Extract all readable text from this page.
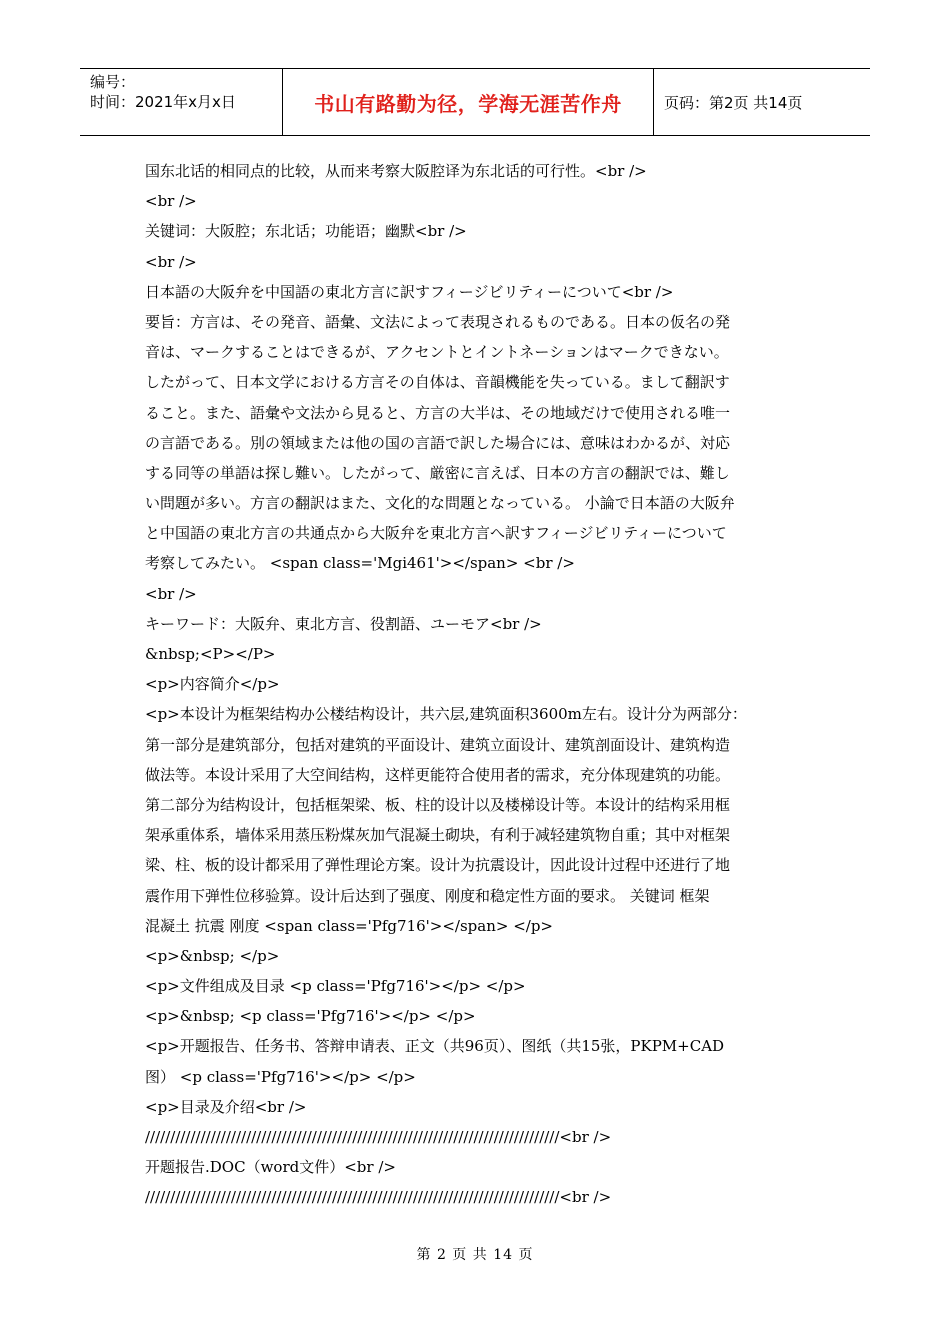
编号：
时间：2021年x月x日	书山有路勤为径，学海无涯苦作舟	页码：第2页 共14页
国东北话的相同点的比较，从而来考察大阪腔译为东北话的可行性。<br />
<br />
关键词：大阪腔；东北话；功能语；幽默<br />
<br />
日本語の大阪弁を中国語の東北方言に訳すフィージビリティーについて<br />
要旨：方言は、その発音、語彙、文法によって表現されるものである。日本の仮名の発
音は、マークすることはできるが、アクセントとイントネーションはマークできない。
したがって、日本文学における方言その自体は、音韻機能を失っている。まして翻訳す
ること。また、語彙や文法から見ると、方言の大半は、その地域だけで使用される唯一
の言語である。別の領域または他の国の言語で訳した場合には、意味はわかるが、対応
する同等の単語は探し難い。したがって、厳密に言えば、日本の方言の翻訳では、難し
い問題が多い。方言の翻訳はまた、文化的な問題となっている。 小論で日本語の大阪弁
と中国語の東北方言の共通点から大阪弁を東北方言へ訳すフィージビリティーについて
考察してみたい。 <span class='Mgi461'></span> <br />
<br />
キーワード：大阪弁、東北方言、役割語、ユーモア<br />
&nbsp;<P></P>
<p>内容简介</p>
<p>本设计为框架结构办公楼结构设计，共六层,建筑面积3600m左右。设计分为两部分：
第一部分是建筑部分，包括对建筑的平面设计、建筑立面设计、建筑剖面设计、建筑构造
做法等。本设计采用了大空间结构，这样更能符合使用者的需求，充分体现建筑的功能。
第二部分为结构设计，包括框架梁、板、柱的设计以及楼梯设计等。本设计的结构采用框
架承重体系，墙体采用蒸压粉煤灰加气混凝土砌块，有利于减轻建筑物自重；其中对框架
梁、柱、板的设计都采用了弹性理论方案。设计为抗震设计，因此设计过程中还进行了地
震作用下弹性位移验算。设计后达到了强度、刚度和稳定性方面的要求。 关键词 框架
混凝土 抗震 刚度 <span class='Pfg716'></span> </p>
<p>&nbsp; </p>
<p>文件组成及目录 <p class='Pfg716'></p> </p>
<p>&nbsp; <p class='Pfg716'></p> </p>
<p>开题报告、任务书、答辩申请表、正文（共96页）、图纸（共15张，PKPM+CAD
图） <p class='Pfg716'></p> </p>
<p>目录及介绍<br />
//////////////////////////////////////////////////////////////////////////////////<br />
开题报告.DOC（word文件）<br />
//////////////////////////////////////////////////////////////////////////////////<br />
第 2 页 共 14 页
